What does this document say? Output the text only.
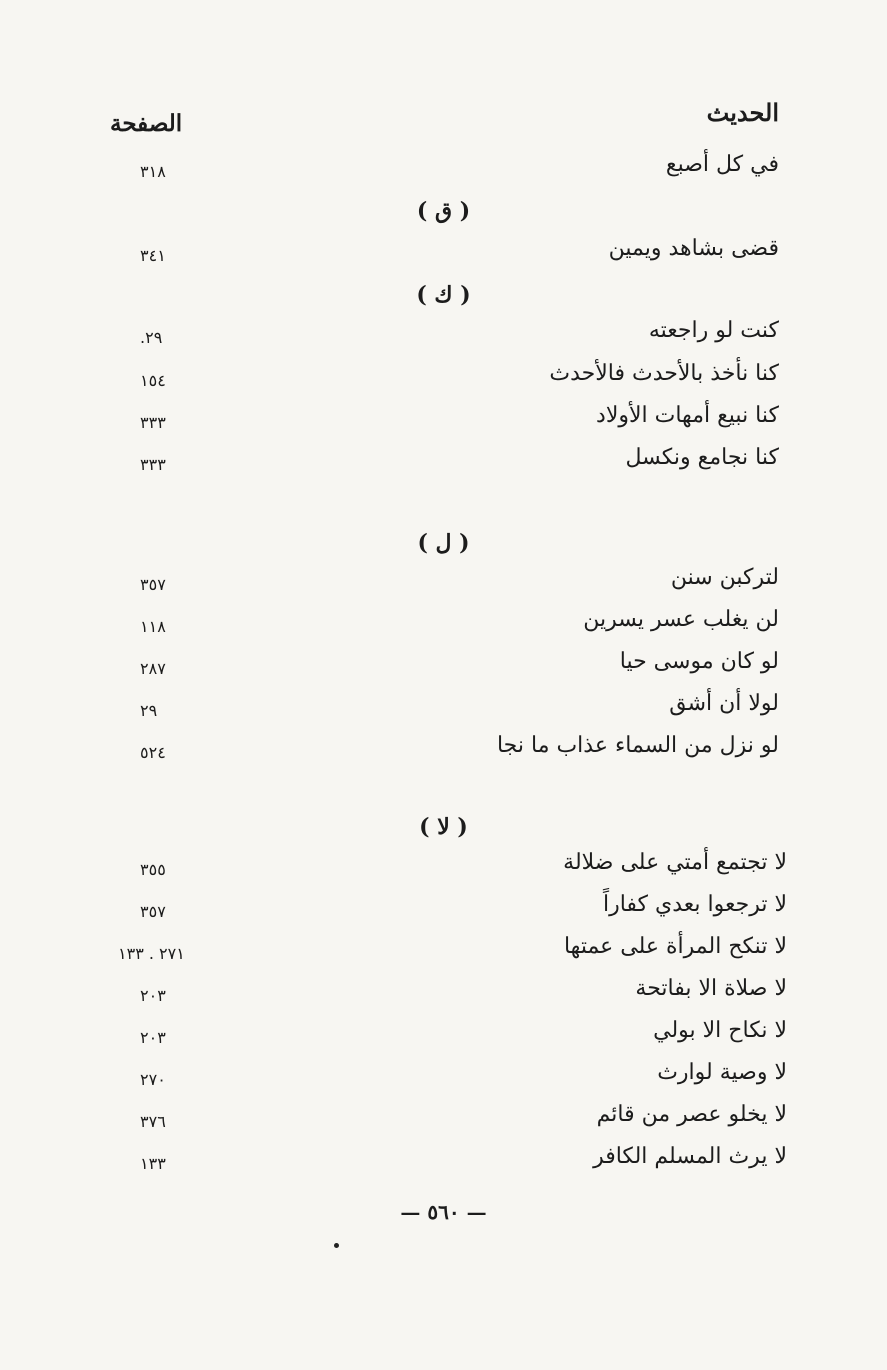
الحديث
الصفحة
في كل أصبع
٣١٨
( ق )
قضى بشاهد ويمين
٣٤١
( ك )
كنت لو راجعته
٢٩.
كنا نأخذ بالأحدث فالأحدث
١٥٤
كنا نبيع أمهات الأولاد
٣٣٣
كنا نجامع ونكسل
٣٣٣
( ل )
لتركبن سنن
٣٥٧
لن يغلب عسر يسرين
١١٨
لو كان موسى حيا
٢٨٧
لولا أن أشق
٢٩
لو نزل من السماء عذاب ما نجا
٥٢٤
( لا )
لا تجتمع أمتي على ضلالة
٣٥٥
لا ترجعوا بعدي كفاراً
٣٥٧
لا تنكح المرأة على عمتها
٢٧١ . ١٣٣
لا صلاة الا بفاتحة
٢٠٣
لا نكاح الا بولي
٢٠٣
لا وصية لوارث
٢٧٠
لا يخلو عصر من قائم
٣٧٦
لا يرث المسلم الكافر
١٣٣
— ٥٦٠ —
